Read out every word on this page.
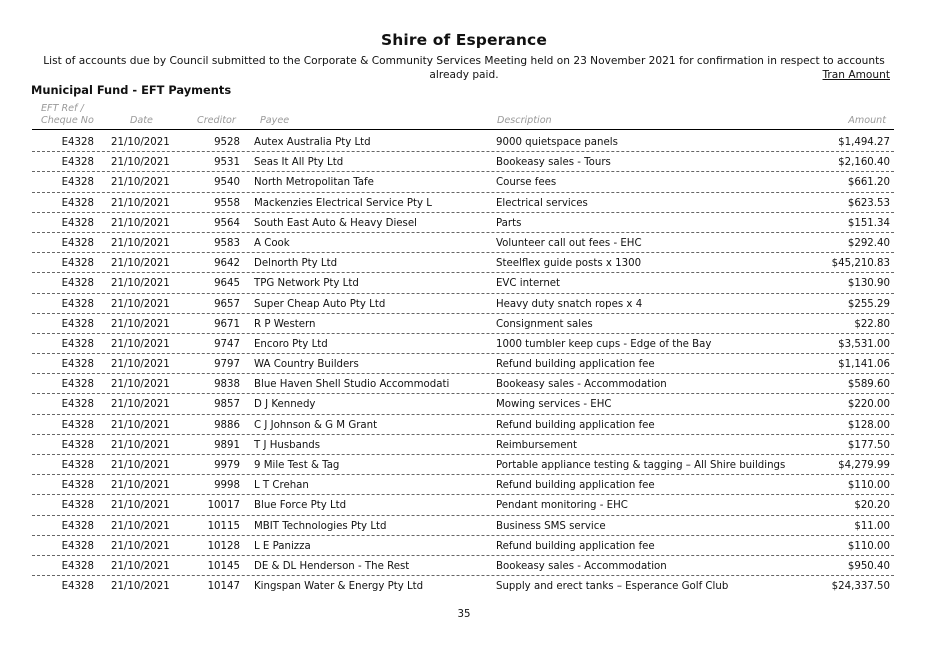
Shire of Esperance
List of accounts due by Council submitted to the Corporate & Community Services Meeting held on 23 November 2021 for confirmation in respect to accounts already paid.	Tran Amount
Municipal Fund - EFT Payments
EFT Ref /
Cheque No	Date	Creditor	Payee	Description	Amount
E4328 21/10/2021	9528 Autex Australia Pty Ltd	9000 quietspace panels	$1,494.27
E4328 21/10/2021	9531 Seas It All Pty Ltd	Bookeasy sales - Tours	$2,160.40
E4328 21/10/2021	9540 North Metropolitan Tafe	Course fees	$661.20
E4328 21/10/2021	9558 Mackenzies Electrical Service Pty L	Electrical services	$623.53
E4328 21/10/2021	9564 South East Auto & Heavy Diesel	Parts	$151.34
E4328 21/10/2021	9583 A Cook	Volunteer call out fees - EHC	$292.40
E4328 21/10/2021	9642 Delnorth Pty Ltd	Steelflex guide posts x 1300	$45,210.83
E4328 21/10/2021	9645 TPG Network Pty Ltd	EVC internet	$130.90
E4328 21/10/2021	9657 Super Cheap Auto Pty Ltd	Heavy duty snatch ropes x 4	$255.29
E4328 21/10/2021	9671 R P Western	Consignment sales	$22.80
E4328 21/10/2021	9747 Encoro Pty Ltd	1000 tumbler keep cups - Edge of the Bay	$3,531.00
E4328 21/10/2021	9797 WA Country Builders	Refund building application fee	$1,141.06
E4328 21/10/2021	9838 Blue Haven Shell Studio Accommodati	Bookeasy sales - Accommodation	$589.60
E4328 21/10/2021	9857 D J Kennedy	Mowing services - EHC	$220.00
E4328 21/10/2021	9886 C J Johnson & G M Grant	Refund building application fee	$128.00
E4328 21/10/2021	9891 T J Husbands	Reimbursement	$177.50
E4328 21/10/2021	9979 9 Mile Test & Tag	Portable appliance testing & tagging – All Shire buildings	$4,279.99
E4328 21/10/2021	9998 L T Crehan	Refund building application fee	$110.00
E4328 21/10/2021	10017 Blue Force Pty Ltd	Pendant monitoring - EHC	$20.20
E4328 21/10/2021	10115 MBIT Technologies Pty Ltd	Business SMS service	$11.00
E4328 21/10/2021	10128 L E Panizza	Refund building application fee	$110.00
E4328 21/10/2021	10145 DE & DL Henderson - The Rest	Bookeasy sales - Accommodation	$950.40
E4328 21/10/2021	10147 Kingspan Water & Energy Pty Ltd	Supply and erect tanks – Esperance Golf Club	$24,337.50
35
